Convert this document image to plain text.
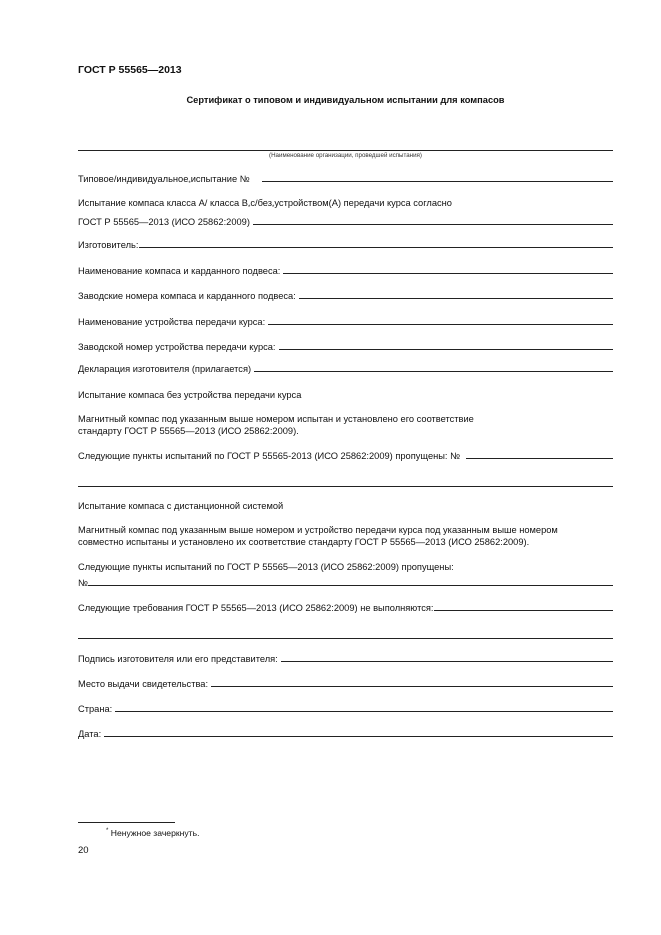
ГОСТ Р 55565—2013
Сертификат о типовом и индивидуальном испытании для компасов
(Наименование организации, проведшей испытания)
Типовое/индивидуальное * испытание №
Испытание компаса класса А/ класса В * с/без * устройством(А) передачи курса согласно
ГОСТ Р 55565—2013 (ИСО 25862:2009)
Изготовитель:
Наименование компаса и карданного подвеса:
Заводские номера компаса и карданного подвеса:
Наименование устройства передачи курса:
Заводской номер устройства передачи курса:
Декларация изготовителя (прилагается)
Испытание компаса без устройства передачи курса
Магнитный компас под указанным выше номером испытан и установлено его соответствие стандарту ГОСТ Р 55565—2013 (ИСО 25862:2009).
Следующие пункты испытаний по ГОСТ Р 55565-2013 (ИСО 25862:2009) пропущены: №
Испытание компаса с дистанционной системой
Магнитный компас под указанным выше номером и устройство передачи курса под указанным выше номером совместно испытаны и установлено их соответствие стандарту ГОСТ Р 55565—2013 (ИСО 25862:2009).
Следующие пункты испытаний по ГОСТ Р 55565—2013 (ИСО 25862:2009) пропущены:
№
Следующие требования ГОСТ Р 55565—2013 (ИСО 25862:2009) не выполняются:
Подпись изготовителя или его представителя:
Место выдачи свидетельства:
Страна:
Дата:
* Ненужное зачеркнуть.
20
